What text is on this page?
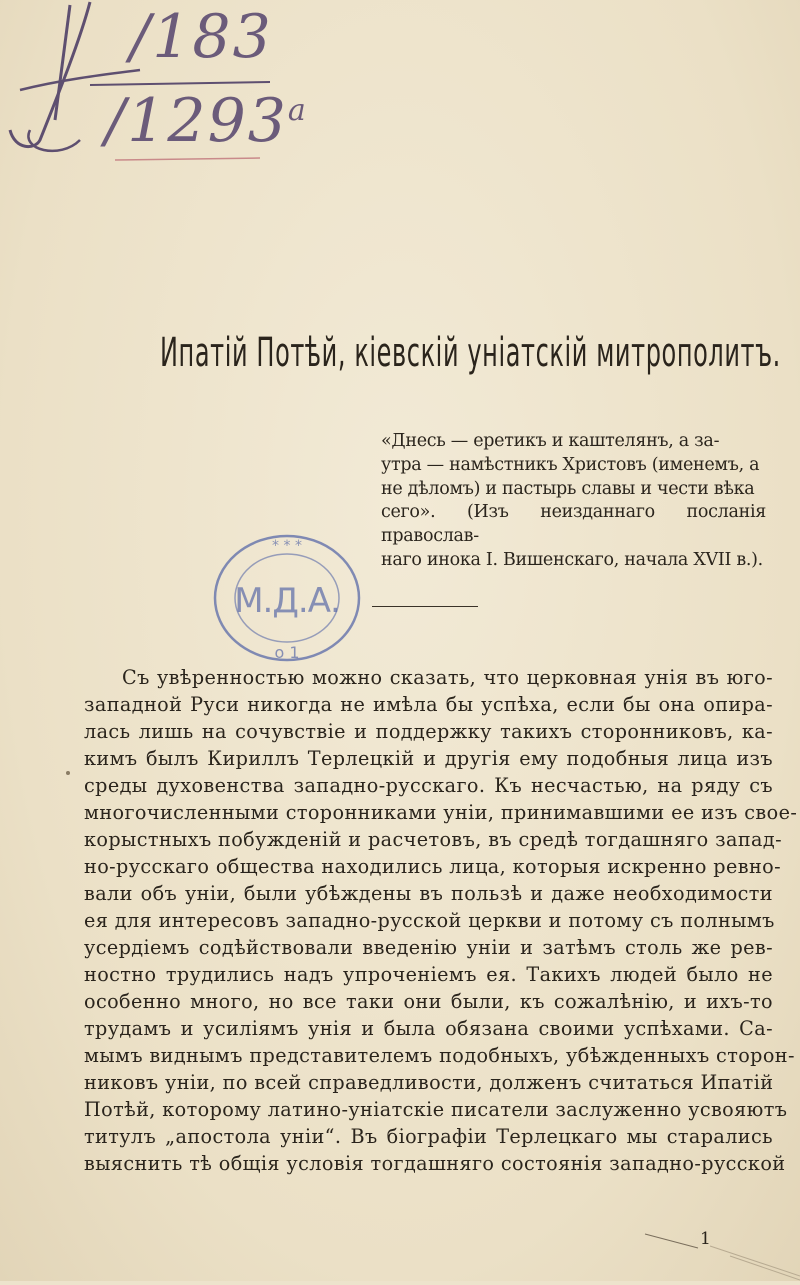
/183
/1293$^a$
Ипатій Потѣй, кіевскій уніатскій митрополитъ.
«Днесь — еретикъ и каштелянъ, а за-
утра — намѣстникъ Христовъ (именемъ, а
не дѣломъ) и пастырь славы и чести вѣка
сего». (Изъ неизданнаго посланія православ-
наго инока І. Вишенскаго, начала XVII в.).
М.Д.А.
о 1
* * *
Съ увѣренностью можно сказать, что церковная унія въ юго-
западной Руси никогда не имѣла бы успѣха, если бы она опира-
лась лишь на сочувствіе и поддержку такихъ сторонниковъ, ка-
кимъ былъ Кириллъ Терлецкій и другія ему подобныя лица изъ
среды духовенства западно-русскаго. Къ несчастью, на ряду съ
многочисленными сторонниками уніи, принимавшими ее изъ свое-
корыстныхъ побужденій и расчетовъ, въ средѣ тогдашняго запад-
но-русскаго общества находились лица, которыя искренно ревно-
вали объ уніи, были убѣждены въ пользѣ и даже необходимости
ея для интересовъ западно-русской церкви и потому съ полнымъ
усердіемъ содѣйствовали введенію уніи и затѣмъ столь же рев-
ностно трудились надъ упроченіемъ ея. Такихъ людей было не
особенно много, но все таки они были, къ сожалѣнію, и ихъ-то
трудамъ и усиліямъ унія и была обязана своими успѣхами. Са-
мымъ виднымъ представителемъ подобныхъ, убѣжденныхъ сторон-
никовъ уніи, по всей справедливости, долженъ считаться Ипатій
Потѣй, которому латино-уніатскіе писатели заслуженно усвояютъ
титулъ „апостола уніи“. Въ біографіи Терлецкаго мы старались
выяснить тѣ общія условія тогдашняго состоянія западно-русской
1
